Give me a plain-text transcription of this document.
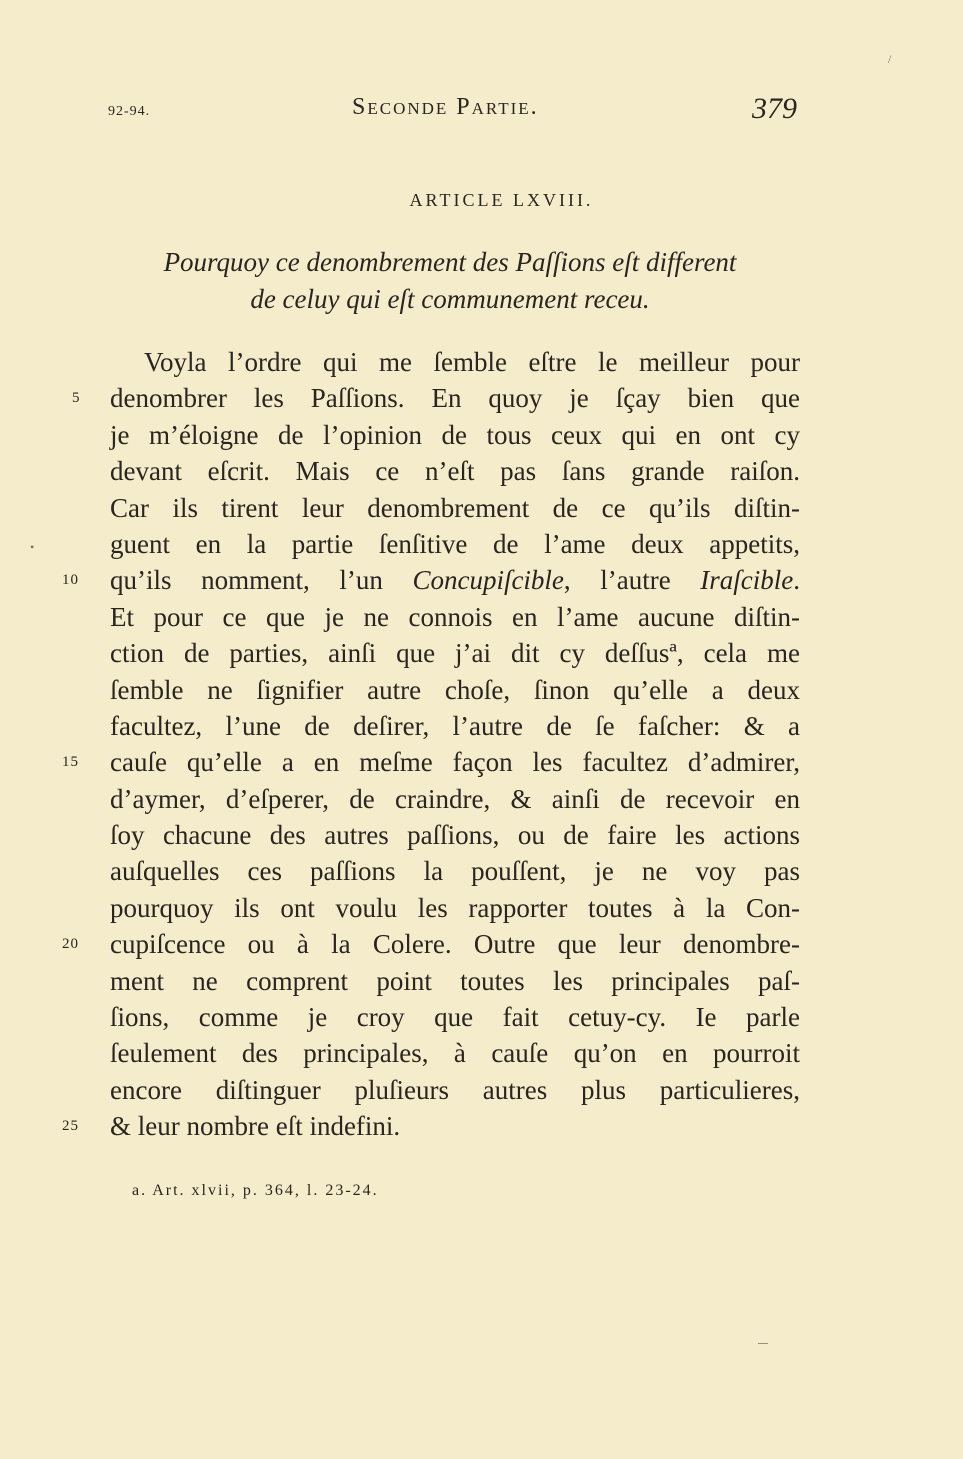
92-94.	Seconde Partie.	379
ARTICLE LXVIII.
Pourquoy ce denombrement des Paſſions eſt different
de celuy qui eſt communement receu.
Voyla l’ordre qui me ſemble eſtre le meilleur pour
denombrer les Paſſions. En quoy je ſçay bien que
je m’éloigne de l’opinion de tous ceux qui en ont cy
devant eſcrit. Mais ce n’eſt pas ſans grande raiſon.
Car ils tirent leur denombrement de ce qu’ils diſtin-
guent en la partie ſenſitive de l’ame deux appetits,
qu’ils nomment, l’un Concupiſcible, l’autre Iraſcible.
Et pour ce que je ne connois en l’ame aucune diſtin-
ction de parties, ainſi que j’ai dit cy deſſusª, cela me
ſemble ne ſignifier autre choſe, ſinon qu’elle a deux
facultez, l’une de deſirer, l’autre de ſe faſcher: & a
cauſe qu’elle a en meſme façon les facultez d’admirer,
d’aymer, d’eſperer, de craindre, & ainſi de recevoir en
ſoy chacune des autres paſſions, ou de faire les actions
auſquelles ces paſſions la pouſſent, je ne voy pas
pourquoy ils ont voulu les rapporter toutes à la Con-
cupiſcence ou à la Colere. Outre que leur denombre-
ment ne comprent point toutes les principales paſ-
ſions, comme je croy que fait cetuy-cy. Ie parle
ſeulement des principales, à cauſe qu’on en pourroit
encore diſtinguer pluſieurs autres plus particulieres,
& leur nombre eſt indefini.
5
10
15
20
25
a. Art. xlvii, p. 364, l. 23-24.
/
•
